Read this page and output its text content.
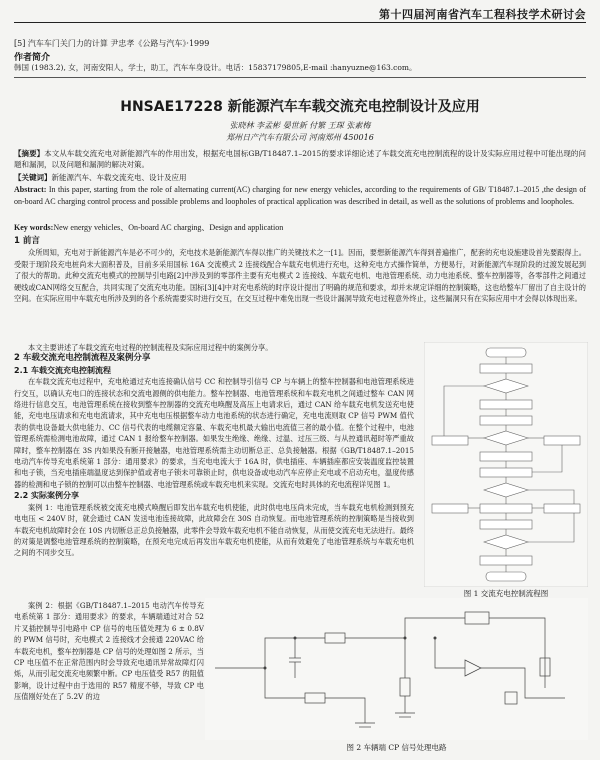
第十四届河南省汽车工程科技学术研讨会
[5] 汽车车门关门力的计算 尹忠孝《公路与汽车》·1999
作者简介
韩国 (1983.2), 女，河南安阳人，学士，助工，汽车车身设计。电话：15837179805,E-mail :hanyuzne@163.com。
HNSAE17228 新能源汽车车载交流充电控制设计及应用
张晓林 李孟彬 晏世新 付繁 王琛 张素梅
郑州日产汽车有限公司 河南郑州 450016
【摘要】本文从车载交流充电对新能源汽车的作用出发，根据充电国标GB/T18487.1–2015的要求详细论述了车载交流充电控制流程的设计及实际应用过程中可能出现的问题和漏洞，以及问题和漏洞的解决对策。
【关键词】新能源汽车、车载交流充电、设计及应用
Abstract: In this paper, starting from the role of alternating current(AC) charging for new energy vehicles, according to the requirements of GB/ T18487.1–2015 ,the design of on-board AC charging control process and possible problems and loopholes of practical application was described in detail, as well as the solutions of problems and loopholes.
Key words:New energy vehicles、On-board AC charging、Design and application
1 前言
众所周知，充电对于新能源汽车是必不可少的，充电技术是新能源汽车得以推广的关键技术之一[1]。因而，要想新能源汽车得到普遍推广，配套的充电设施建设首先要跟得上。受限于现阶段充电桩尚未大面积普及，目前多采用国标 16A 交流模式 2 连接线配合车载充电机进行充电，这种充电方式操作简单，方便易行，对新能源汽车现阶段的过渡发展起到了很大的帮助。此种交流充电模式的控制导引电路[2]中涉及到的零部件主要有充电模式 2 连接线、车载充电机、电池管理系统、动力电池系统、整车控制器等，各零部件之间通过硬线或CAN网络交互配合，共同实现了交流充电功能。国标[3][4]中对充电系统的时序设计提出了明确的规范和要求，却并未规定详细的控制策略，这也给整车厂留出了自主设计的空间。在实际应用中车载充电所涉及到的各个系统需要实时进行交互，在交互过程中难免出现一些设计漏洞导致充电过程意外终止，这些漏洞只有在实际应用中才会得以体现出来。
本文主要讲述了车载交流充电过程的控制流程及实际应用过程中的案例分享。
2 车载交流充电控制流程及案例分享
2.1 车载交流充电控制流程
在车载交流充电过程中，充电枪通过充电连接确认信号 CC 和控制导引信号 CP 与车辆上的整车控制器和电池管理系统进行交互，以确认充电口的连接状态和交流电源侧的供电能力。整车控制器、电池管理系统和车载充电机之间通过整车 CAN 网络进行信息交互，电池管理系统在接收到整车控制器的交流充电唤醒及高压上电请求后，通过 CAN 给车载充电机发送充电使能，充电电压请求和充电电流请求，其中充电电压根据整车动力电池系统的状态进行确定，充电电流则取 CP 信号 PWM 值代表的供电设备最大供电能力、CC 信号代表的电缆额定容量、车载充电机最大输出电流值三者的最小值。在整个过程中，电池管理系统需检测电池故障，通过 CAN 1 报给整车控制器。如果发生绝缘、绝缘、过温、过压三级、与从控通讯超时等严重故障时，整车控制器在 3S 内如果没有断开接触器，电池管理系统需主动切断总正、总负接触器。根据《GB/T18487.1–2015 电动汽车传导充电系统第 1 部分：通用要求》的要求，当充电电流大于 16A 时，供电插座、车辆插座都应安装温度监控装置和电子锁，当充电插座端温度达到保护值或者电子锁未可靠锁止时，供电设备或电动汽车应停止充电或不启动充电，温度传感器的检测和电子锁的控制可以由整车控制器、电池管理系统或车载充电机来实现。交流充电时具体的充电流程详见图 1。
2.2 实际案例分享
案例 1：电池管理系统被交流充电模式唤醒后即发出车载充电机使能，此时供电电压尚未完成，当车载充电机检测到预充电电压 < 240V 时，就会通过 CAN 发送电池连接故障，此故障会在 30S 自动恢复。而电池管理系统的控制策略是当接收到车载充电机故障时会在 10S 内切断总正总负接触器，此零件会导致车载充电机不能自动恢复，从而使交流充电无法进行。最终的对策是调整电池管理系统的控制策略，在预充电完成后再发出车载充电机使能，从而有效避免了电池管理系统与车载充电机之间的不同步交互。
案例 2：根据《GB/T18487.1–2015 电动汽车传导充电系统第 1 部分：通用要求》的要求，车辆端通过对合 52 片叉插控制导引电路中 CP 信号的电压值处理为 6 ± 0.8V 的 PWM 信号时，充电模式 2 连接线才会接通 220VAC 给车载充电机，整车控制器是 CP 信号的处理如图 2 所示，当 CP 电压值不在正常范围内时会导致充电通讯异常故障灯闪烁，从而引起交流充电频繁中断。CP 电压值受 R57 的阻值影响，设计过程中由于选用的 R57 精度不够，导致 CP 电压值刚好处在了 5.2V 的边
图 1 交流充电控制流程图
图 2 车辆端 CP 信号处理电路
